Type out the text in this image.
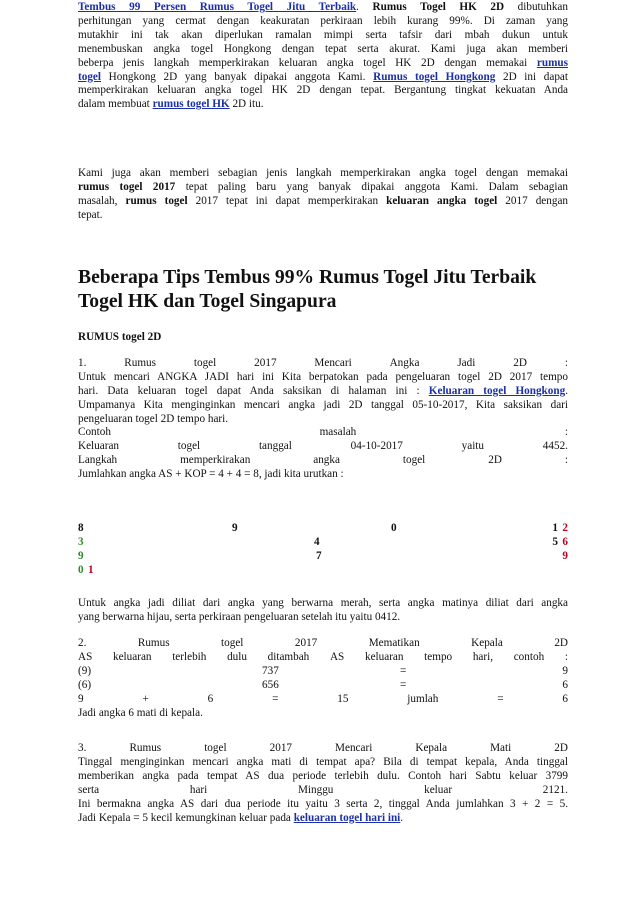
Tembus 99 Persen Rumus Togel Jitu Terbaik. Rumus Togel HK 2D dibutuhkan

perhitungan yang cermat dengan keakuratan perkiraan lebih kurang 99%. Di zaman yang

mutakhir ini tak akan diperlukan ramalan mimpi serta tafsir dari mbah dukun untuk

menembuskan angka togel Hongkong dengan tepat serta akurat. Kami juga akan memberi

beberpa jenis langkah memperkirakan keluaran angka togel HK 2D dengan memakai rumus

togel Hongkong 2D yang banyak dipakai anggota Kami. Rumus togel Hongkong 2D ini dapat

memperkirakan keluaran angka togel HK 2D dengan tepat. Bergantung tingkat kekuatan Anda

dalam membuat rumus togel HK 2D itu.

Kami juga akan memberi sebagian jenis langkah memperkirakan angka togel dengan memakai

rumus togel 2017 tepat paling baru yang banyak dipakai anggota Kami. Dalam sebagian

masalah, rumus togel 2017 tepat ini dapat memperkirakan keluaran angka togel 2017 dengan

tepat.

Beberapa Tips Tembus 99% Rumus Togel Jitu Terbaik

Togel HK dan Togel Singapura

RUMUS togel 2D
1.	Rumus	togel	2017	Mencari	Angka	Jadi	2D	:

Untuk mencari ANGKA JADI hari ini Kita berpatokan pada pengeluaran togel 2D 2017 tempo

hari. Data keluaran togel dapat Anda saksikan di halaman ini : Keluaran togel Hongkong.

Umpamanya Kita menginginkan mencari angka jadi 2D tanggal 05-10-2017, Kita saksikan dari

pengeluaran togel 2D tempo hari.

Contoh	masalah	:
Keluaran	togel	tanggal	04-10-2017	yaitu	4452.
Langkah	memperkirakan	angka	togel	2D	:

Jumlahkan angka AS + KOP = 4 + 4 = 8, jadi kita urutkan :

8	9	0	1 2
3	4	5 6
9	7	9
0 1

Untuk angka jadi diliat dari angka yang berwarna merah, serta angka matinya diliat dari angka

yang berwarna hijau, serta perkiraan pengeluaran setelah itu yaitu 0412.

2.	Rumus	togel	2017	Mematikan	Kepala	2D
AS keluaran terlebih dulu ditambah AS keluaran tempo hari, contoh :
(9)	737	=	9
(6)	656	=	6
9	+	6	=	15	jumlah	=	6

Jadi angka 6 mati di kepala.

3.	Rumus	togel	2017	Mencari	Kepala	Mati	2D

Tinggal menginginkan mencari angka mati di tempat apa? Bila di tempat kepala, Anda tinggal

memberikan angka pada tempat AS dua periode terlebih dulu. Contoh hari Sabtu keluar 3799

serta	hari	Minggu	keluar	2121.

Ini bermakna angka AS dari dua periode itu yaitu 3 serta 2, tinggal Anda jumlahkan 3 + 2 = 5.

Jadi Kepala = 5 kecil kemungkinan keluar pada keluaran togel hari ini.
